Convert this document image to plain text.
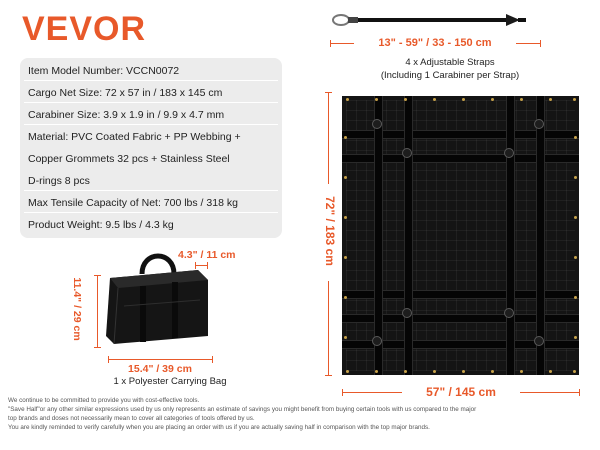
VEVOR
Item Model Number: VCCN0072
Cargo Net Size: 72 x 57 in / 183 x 145 cm
Carabiner Size: 3.9 x 1.9 in / 9.9 x 4.7 mm
Material: PVC Coated Fabric + PP Webbing +
Copper Grommets 32 pcs + Stainless Steel
D-rings 8 pcs
Max Tensile Capacity of Net: 700 lbs / 318 kg
Product Weight: 9.5 lbs / 4.3 kg
13" - 59" / 33 - 150 cm
4 x Adjustable Straps
(Including 1 Carabiner per Strap)
72" / 183 cm
57" / 145 cm
4.3" / 11 cm
11.4" / 29 cm
15.4" / 39 cm
1 x Polyester Carrying Bag
We continue to be committed to provide you with cost-effective tools.
"Save Half"or any other similar expressions used by us only represents an estimate of savings you might benefit from buying certain tools with us compared to the major
top brands and doses not necessarily mean to cover all categories of tools offered by us.
You are kindly reminded to verify carefully when you are placing an order with us if you are actually saving half in comparison with the top major brands.
